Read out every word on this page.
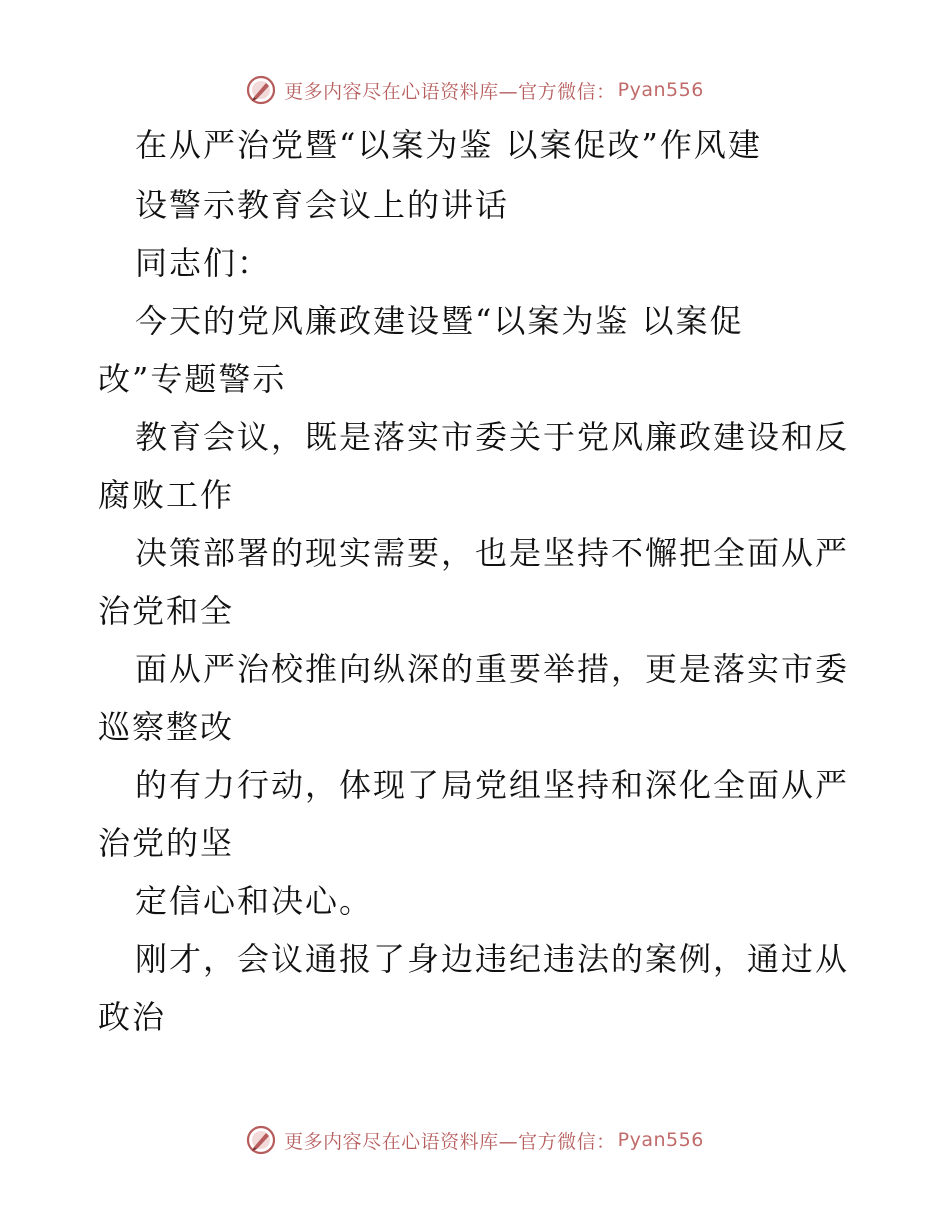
更多内容尽在心语资料库—官方微信： Pyan556
在从严治党暨“以案为鉴 以案促改”作风建
设警示教育会议上的讲话
同志们：
今天的党风廉政建设暨“以案为鉴 以案促
改”专题警示
教育会议，既是落实市委关于党风廉政建设和反
腐败工作
决策部署的现实需要，也是坚持不懈把全面从严
治党和全
面从严治校推向纵深的重要举措，更是落实市委
巡察整改
的有力行动，体现了局党组坚持和深化全面从严
治党的坚
定信心和决心。
刚才，会议通报了身边违纪违法的案例，通过从
政治
更多内容尽在心语资料库—官方微信： Pyan556
